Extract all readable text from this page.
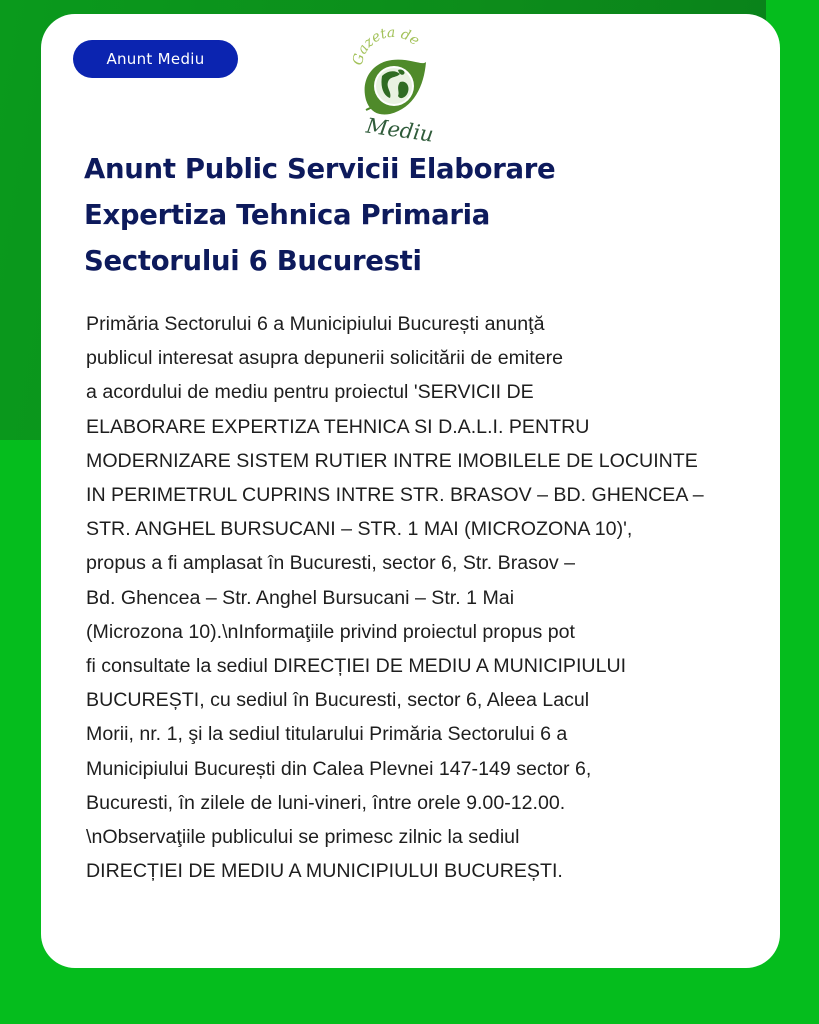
Anunt Mediu	Gazeta de
Mediu
Anunt Public Servicii Elaborare
Expertiza Tehnica Primaria
Sectorului 6 Bucuresti

Primăria Sectorului 6 a Municipiului București anunţă
publicul interesat asupra depunerii solicitării de emitere
a acordului de mediu pentru proiectul 'SERVICII DE
ELABORARE EXPERTIZA TEHNICA SI D.A.L.I. PENTRU
MODERNIZARE SISTEM RUTIER INTRE IMOBILELE DE LOCUINTE
IN PERIMETRUL CUPRINS INTRE STR. BRASOV – BD. GHENCEA –
STR. ANGHEL BURSUCANI – STR. 1 MAI (MICROZONA 10)',
propus a fi amplasat în Bucuresti, sector 6, Str. Brasov –
Bd. Ghencea – Str. Anghel Bursucani – Str. 1 Mai
(Microzona 10).\nInformaţiile privind proiectul propus pot
fi consultate la sediul DIRECȚIEI DE MEDIU A MUNICIPIULUI
BUCUREȘTI, cu sediul în Bucuresti, sector 6, Aleea Lacul
Morii, nr. 1, şi la sediul titularului Primăria Sectorului 6 a
Municipiului București din Calea Plevnei 147-149 sector 6,
Bucuresti, în zilele de luni-vineri, între orele 9.00-12.00.
\nObservaţiile publicului se primesc zilnic la sediul
DIRECȚIEI DE MEDIU A MUNICIPIULUI BUCUREȘTI.
